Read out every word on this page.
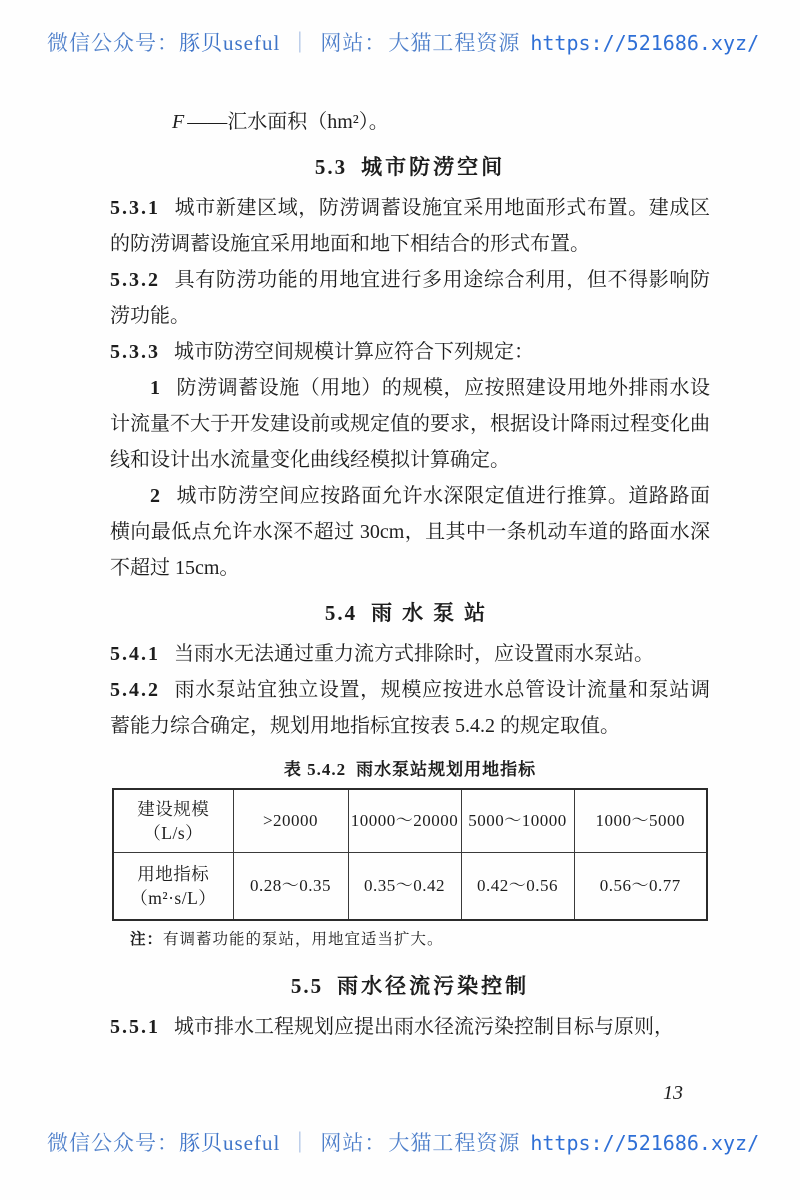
微信公众号：豚贝useful ｜ 网站：大猫工程资源 https://521686.xyz/

F ——汇水面积（hm²）。

5.3 城市防涝空间

5.3.1 城市新建区域，防涝调蓄设施宜采用地面形式布置。建成区的防涝调蓄设施宜采用地面和地下相结合的形式布置。

5.3.2 具有防涝功能的用地宜进行多用途综合利用，但不得影响防涝功能。

5.3.3 城市防涝空间规模计算应符合下列规定：

1 防涝调蓄设施（用地）的规模，应按照建设用地外排雨水设计流量不大于开发建设前或规定值的要求，根据设计降雨过程变化曲线和设计出水流量变化曲线经模拟计算确定。

2 城市防涝空间应按路面允许水深限定值进行推算。道路路面横向最低点允许水深不超过 30cm，且其中一条机动车道的路面水深不超过 15cm。

5.4 雨水泵站

5.4.1 当雨水无法通过重力流方式排除时，应设置雨水泵站。

5.4.2 雨水泵站宜独立设置，规模应按进水总管设计流量和泵站调蓄能力综合确定，规划用地指标宜按表 5.4.2 的规定取值。

表 5.4.2 雨水泵站规划用地指标
建设规模
（L/s）	>20000	10000～20000	5000～10000	1000～5000

用地指标
（m²·s/L）	0.28～0.35	0.35～0.42	0.42～0.56	0.56～0.77

注：有调蓄功能的泵站，用地宜适当扩大。

5.5 雨水径流污染控制

5.5.1 城市排水工程规划应提出雨水径流污染控制目标与原则，

13
微信公众号：豚贝useful ｜ 网站：大猫工程资源 https://521686.xyz/
